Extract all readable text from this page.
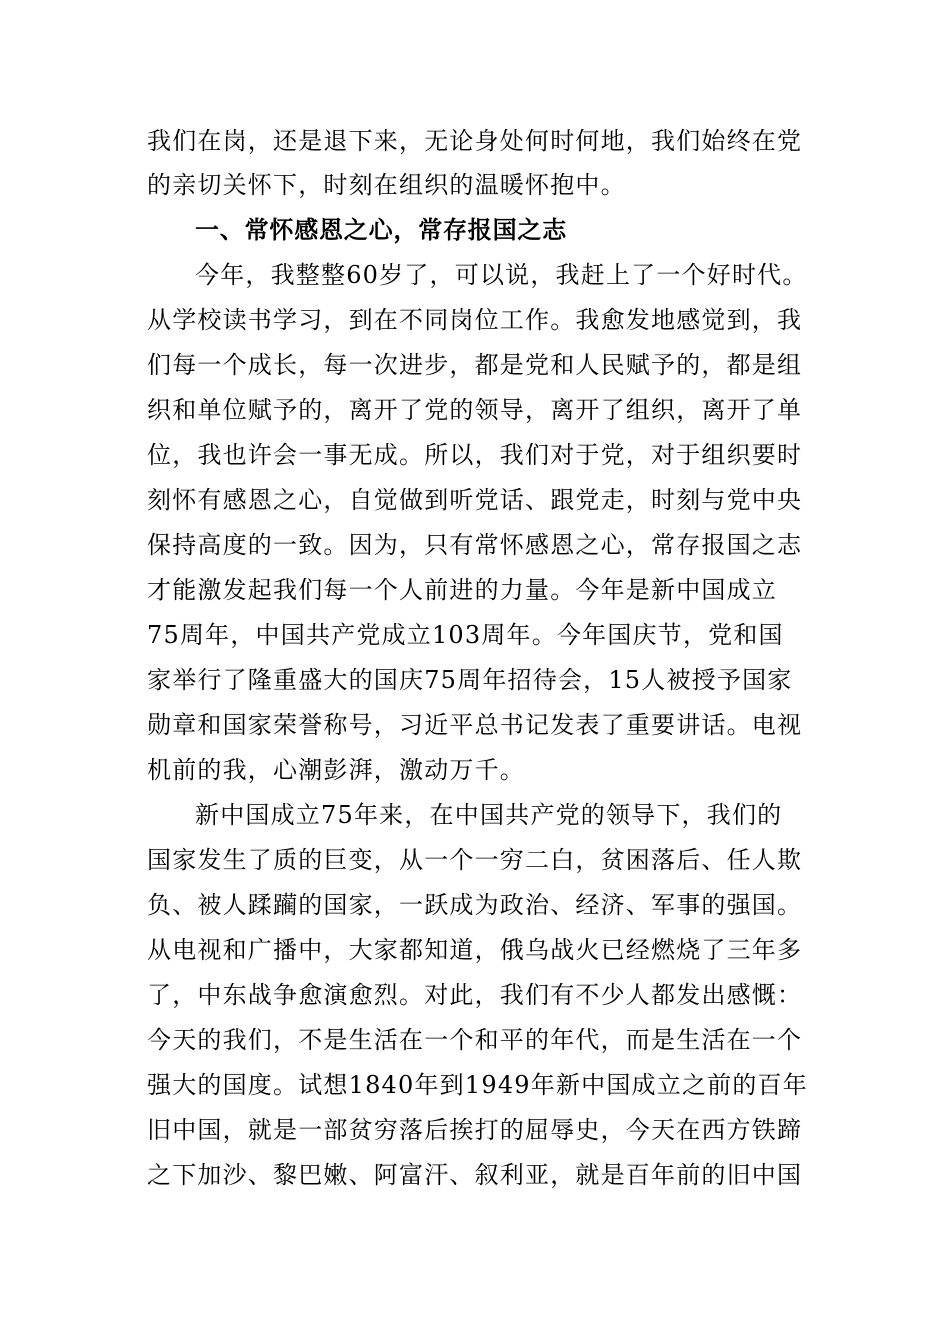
我们在岗，还是退下来，无论身处何时何地，我们始终在党
的亲切关怀下，时刻在组织的温暖怀抱中。
一、常怀感恩之心，常存报国之志
今年，我整整60岁了，可以说，我赶上了一个好时代。
从学校读书学习，到在不同岗位工作。我愈发地感觉到，我
们每一个成长，每一次进步，都是党和人民赋予的，都是组
织和单位赋予的，离开了党的领导，离开了组织，离开了单
位，我也许会一事无成。所以，我们对于党，对于组织要时
刻怀有感恩之心，自觉做到听党话、跟党走，时刻与党中央
保持高度的一致。因为，只有常怀感恩之心，常存报国之志
才能激发起我们每一个人前进的力量。今年是新中国成立
75周年，中国共产党成立103周年。今年国庆节，党和国
家举行了隆重盛大的国庆75周年招待会，15人被授予国家
勋章和国家荣誉称号，习近平总书记发表了重要讲话。电视
机前的我，心潮彭湃，激动万千。
新中国成立75年来，在中国共产党的领导下，我们的
国家发生了质的巨变，从一个一穷二白，贫困落后、任人欺
负、被人蹂躏的国家，一跃成为政治、经济、军事的强国。
从电视和广播中，大家都知道，俄乌战火已经燃烧了三年多
了，中东战争愈演愈烈。对此，我们有不少人都发出感慨：
今天的我们，不是生活在一个和平的年代，而是生活在一个
强大的国度。试想1840年到1949年新中国成立之前的百年
旧中国，就是一部贫穷落后挨打的屈辱史，今天在西方铁蹄
之下加沙、黎巴嫩、阿富汗、叙利亚，就是百年前的旧中国
